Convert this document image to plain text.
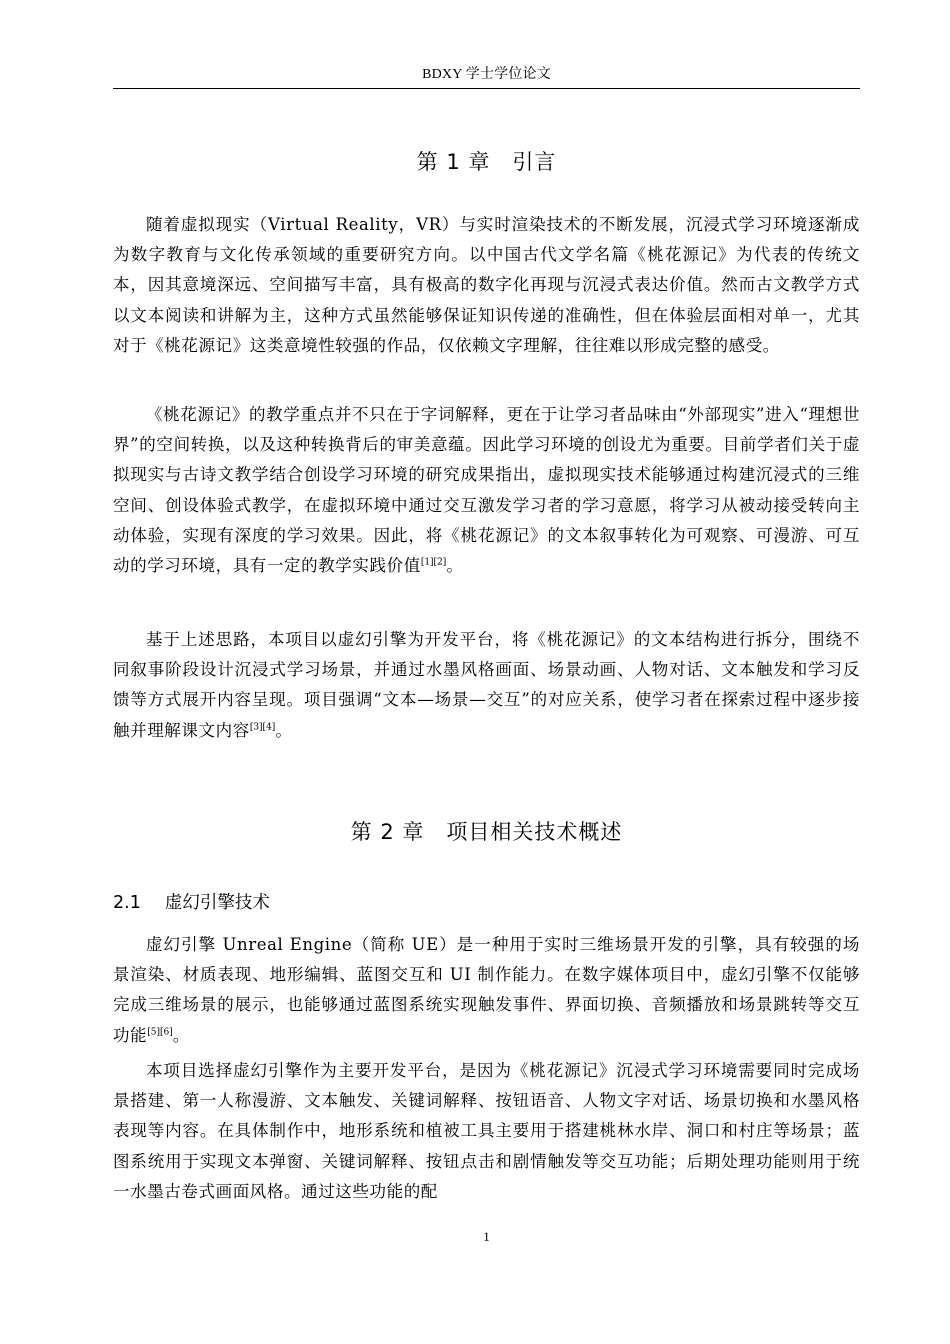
BDXY 学士学位论文
第 1 章 引言

随着虚拟现实（Virtual Reality，VR）与实时渲染技术的不断发展，沉浸式学习环境逐渐成为数字教育与文化传承领域的重要研究方向。以中国古代文学名篇《桃花源记》为代表的传统文本，因其意境深远、空间描写丰富，具有极高的数字化再现与沉浸式表达价值。然而古文教学方式以文本阅读和讲解为主，这种方式虽然能够保证知识传递的准确性，但在体验层面相对单一，尤其对于《桃花源记》这类意境性较强的作品，仅依赖文字理解，往往难以形成完整的感受。

《桃花源记》的教学重点并不只在于字词解释，更在于让学习者品味由“外部现实”进入“理想世界”的空间转换，以及这种转换背后的审美意蕴。因此学习环境的创设尤为重要。目前学者们关于虚拟现实与古诗文教学结合创设学习环境的研究成果指出，虚拟现实技术能够通过构建沉浸式的三维空间、创设体验式教学，在虚拟环境中通过交互激发学习者的学习意愿，将学习从被动接受转向主动体验，实现有深度的学习效果。因此，将《桃花源记》的文本叙事转化为可观察、可漫游、可互动的学习环境，具有一定的教学实践价值[1][2]。

基于上述思路，本项目以虚幻引擎为开发平台，将《桃花源记》的文本结构进行拆分，围绕不同叙事阶段设计沉浸式学习场景，并通过水墨风格画面、场景动画、人物对话、文本触发和学习反馈等方式展开内容呈现。项目强调“文本—场景—交互”的对应关系，使学习者在探索过程中逐步接触并理解课文内容[3][4]。

第 2 章 项目相关技术概述
2.1 虚幻引擎技术

虚幻引擎 Unreal Engine（简称 UE）是一种用于实时三维场景开发的引擎，具有较强的场景渲染、材质表现、地形编辑、蓝图交互和 UI 制作能力。在数字媒体项目中，虚幻引擎不仅能够完成三维场景的展示，也能够通过蓝图系统实现触发事件、界面切换、音频播放和场景跳转等交互功能[5][6]。

本项目选择虚幻引擎作为主要开发平台，是因为《桃花源记》沉浸式学习环境需要同时完成场景搭建、第一人称漫游、文本触发、关键词解释、按钮语音、人物文字对话、场景切换和水墨风格表现等内容。在具体制作中，地形系统和植被工具主要用于搭建桃林水岸、洞口和村庄等场景；蓝图系统用于实现文本弹窗、关键词解释、按钮点击和剧情触发等交互功能；后期处理功能则用于统一水墨古卷式画面风格。通过这些功能的配

1
